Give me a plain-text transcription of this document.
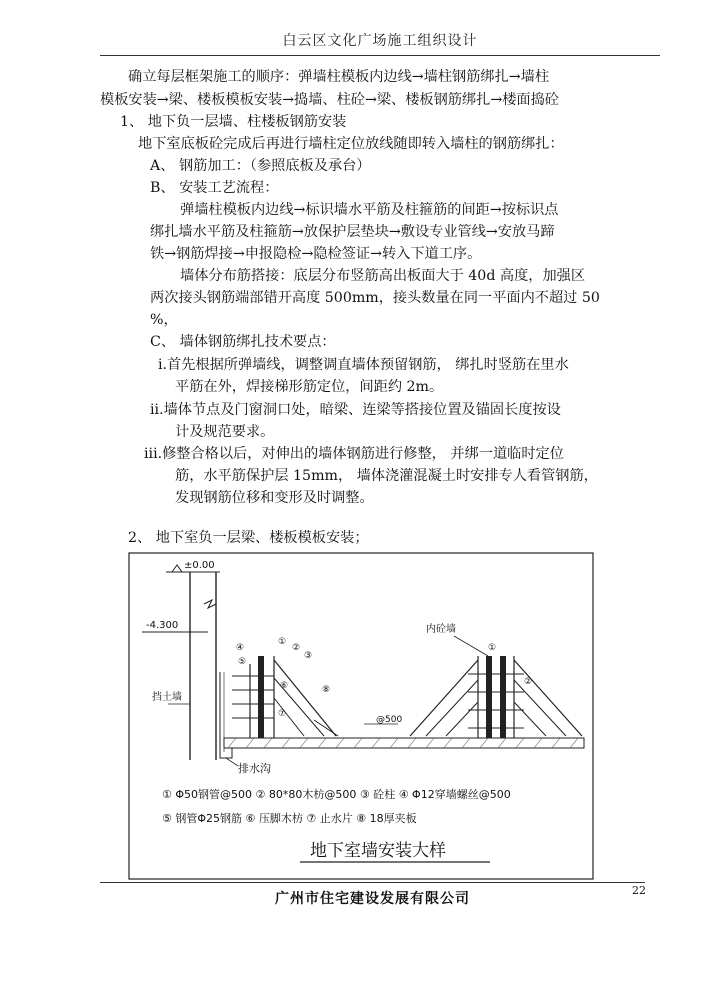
白云区文化广场施工组织设计
确立每层框架施工的顺序：弹墙柱模板内边线→墙柱钢筋绑扎→墙柱
模板安装→梁、楼板模板安装→捣墙、柱砼→梁、楼板钢筋绑扎→楼面捣砼
1、 地下负一层墙、柱楼板钢筋安装
地下室底板砼完成后再进行墙柱定位放线随即转入墙柱的钢筋绑扎：
A、 钢筋加工：（参照底板及承台）
B、 安装工艺流程：
弹墙柱模板内边线→标识墙水平筋及柱箍筋的间距→按标识点
绑扎墙水平筋及柱箍筋→放保护层垫块→敷设专业管线→安放马蹄
铁→钢筋焊接→申报隐检→隐检签证→转入下道工序。
墙体分布筋搭接：底层分布竖筋高出板面大于 40d 高度，加强区
两次接头钢筋端部错开高度 500mm，接头数量在同一平面内不超过 50
%，
C、 墙体钢筋绑扎技术要点：
i.首先根据所弹墙线，调整调直墙体预留钢筋， 绑扎时竖筋在里水
平筋在外，焊接梯形筋定位，间距约 2m。
ii.墙体节点及门窗洞口处，暗梁、连梁等搭接位置及锚固长度按设
计及规范要求。
iii.修整合格以后，对伸出的墙体钢筋进行修整， 并绑一道临时定位
筋，水平筋保护层 15mm， 墙体浇灌混凝土时安排专人看管钢筋，
发现钢筋位移和变形及时调整。
2、 地下室负一层梁、楼板模板安装；
±0.00
-4.300
挡土墙
①
②
③
④
⑤
⑥
⑦
⑧
内砼墙
①
②
@500
排水沟
① Φ50钢管@500 ② 80*80木枋@500 ③ 砼柱 ④ Φ12穿墙螺丝@500
⑤ 钢管Φ25钢筋 ⑥ 压脚木枋 ⑦ 止水片 ⑧ 18厚夹板
地下室墙安装大样
广州市住宅建设发展有限公司
22
